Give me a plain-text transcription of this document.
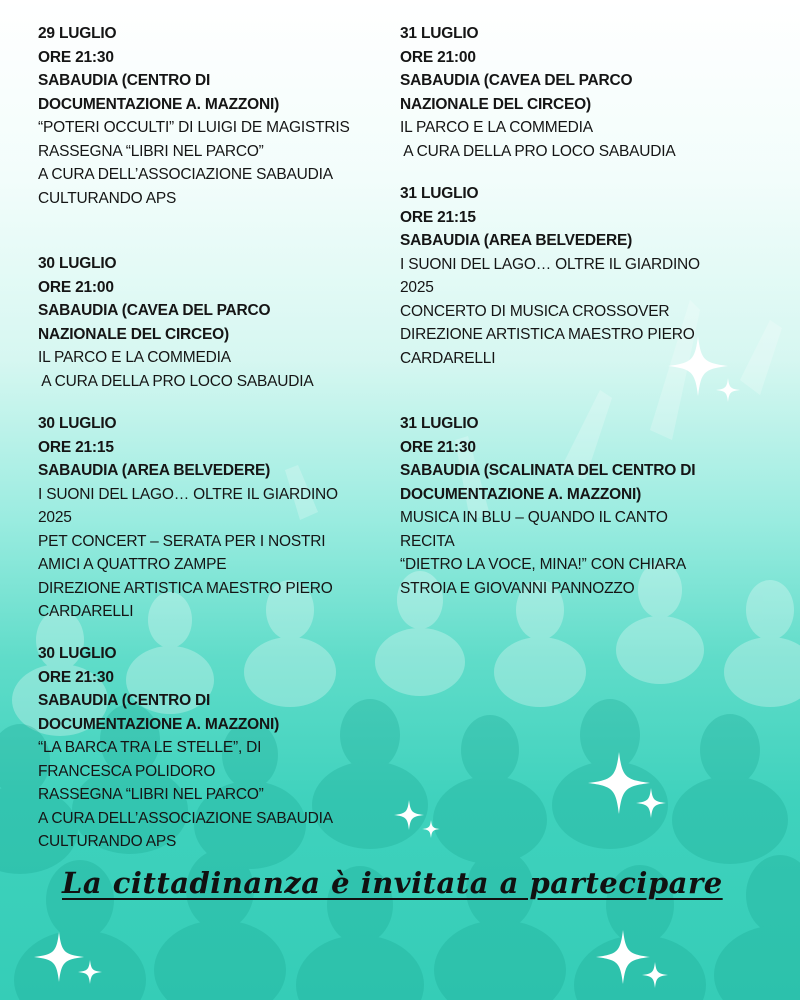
29 LUGLIO
ORE 21:30
SABAUDIA (CENTRO DI
DOCUMENTAZIONE A. MAZZONI)
“POTERI OCCULTI” DI LUIGI DE MAGISTRIS
RASSEGNA “LIBRI NEL PARCO”
A CURA DELL’ASSOCIAZIONE SABAUDIA
CULTURANDO APS
30 LUGLIO
ORE 21:00
SABAUDIA (CAVEA DEL PARCO
NAZIONALE DEL CIRCEO)
IL PARCO E LA COMMEDIA
A CURA DELLA PRO LOCO SABAUDIA
30 LUGLIO
ORE 21:15
SABAUDIA (AREA BELVEDERE)
I SUONI DEL LAGO… OLTRE IL GIARDINO
2025
PET CONCERT – SERATA PER I NOSTRI
AMICI A QUATTRO ZAMPE
DIREZIONE ARTISTICA MAESTRO PIERO
CARDARELLI
30 LUGLIO
ORE 21:30
SABAUDIA (CENTRO DI
DOCUMENTAZIONE A. MAZZONI)
“LA BARCA TRA LE STELLE”, DI
FRANCESCA POLIDORO
RASSEGNA “LIBRI NEL PARCO”
A CURA DELL’ASSOCIAZIONE SABAUDIA
CULTURANDO APS
31 LUGLIO
ORE 21:00
SABAUDIA (CAVEA DEL PARCO
NAZIONALE DEL CIRCEO)
IL PARCO E LA COMMEDIA
A CURA DELLA PRO LOCO SABAUDIA
31 LUGLIO
ORE 21:15
SABAUDIA (AREA BELVEDERE)
I SUONI DEL LAGO… OLTRE IL GIARDINO
2025
CONCERTO DI MUSICA CROSSOVER
DIREZIONE ARTISTICA MAESTRO PIERO
CARDARELLI
31 LUGLIO
ORE 21:30
SABAUDIA (SCALINATA DEL CENTRO DI
DOCUMENTAZIONE A. MAZZONI)
MUSICA IN BLU – QUANDO IL CANTO
RECITA
“DIETRO LA VOCE, MINA!” CON CHIARA
STROIA E GIOVANNI PANNOZZO
La cittadinanza è invitata a partecipare
